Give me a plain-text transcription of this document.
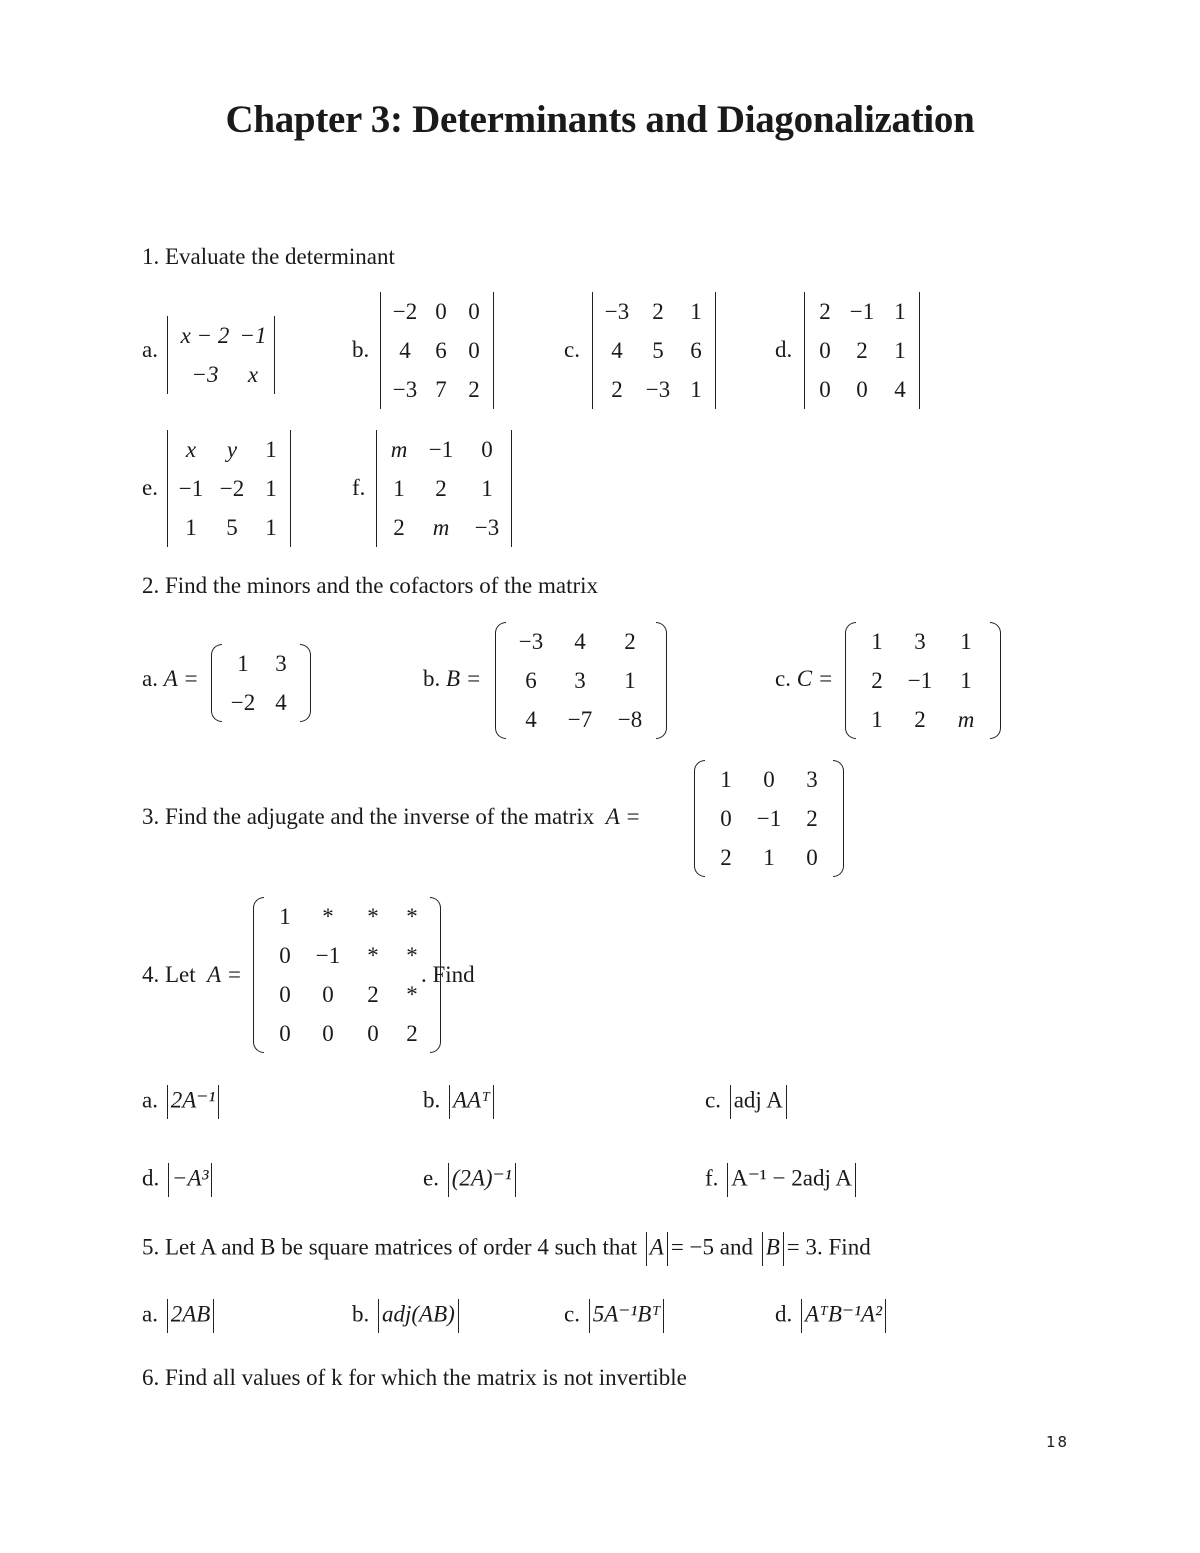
Chapter 3: Determinants and Diagonalization
1. Evaluate the determinant
a.
x − 2 −1
−3 x
b.
−2 0 0
4 6 0
−3 7 2
c.
−3 2 1
4 5 6
2 −3 1
d.
2 −1 1
0 2 1
0 0 4
e.
x y 1
−1 −2 1
1 5 1
f.
m −1 0
1 2 1
2 m −3
2. Find the minors and the cofactors of the matrix
a. A =
1 3
−2 4
b. B =
−3 4 2
6 3 1
4 −7 −8
c. C =
1 3 1
2 −1 1
1 2 m
3. Find the adjugate and the inverse of the matrix A =
1 0 3
0 −1 2
2 1 0
4. Let A =
1 * * *
0 −1 * *
0 0 2 *
0 0 0 2
. Find
a. 2A⁻¹	b. AAᵀ	c. adj A
d. −A³	e. (2A)⁻¹	f. A⁻¹ − 2adj A
5. Let A and B be square matrices of order 4 such that A = −5 and B = 3. Find
a. 2AB	b. adj(AB)	c. 5A⁻¹Bᵀ	d. AᵀB⁻¹A²
6. Find all values of k for which the matrix is not invertible
18
